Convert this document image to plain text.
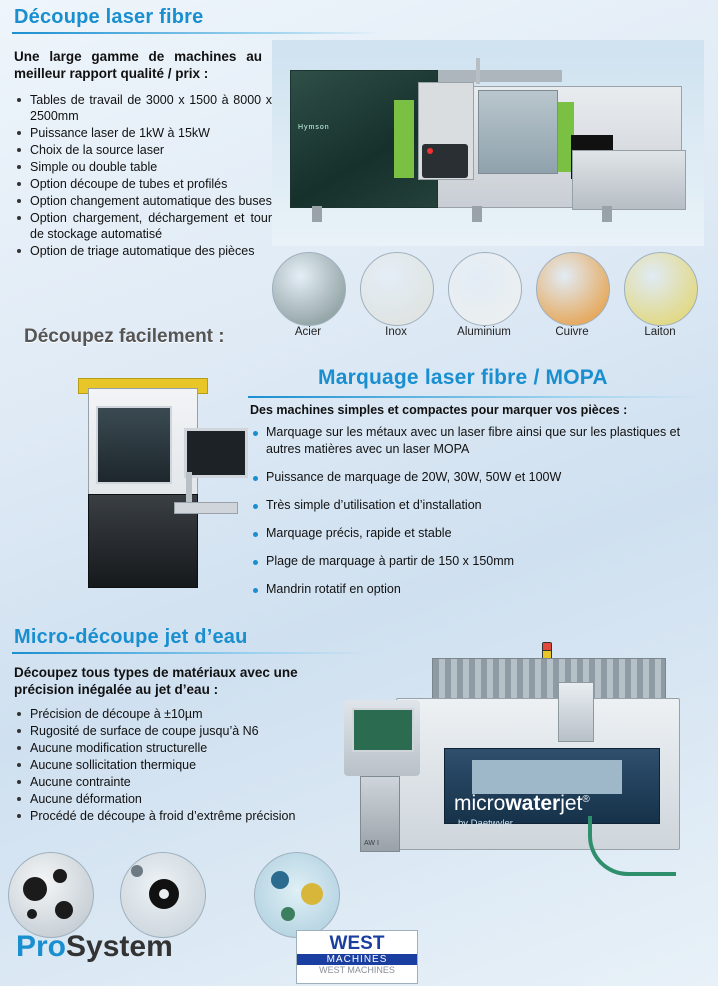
Découpe laser fibre
Une large gamme de machines au meilleur rapport qualité / prix :
Tables de travail de 3000 x 1500 à 8000 x 2500mm
Puissance laser de 1kW à 15kW
Choix de la source laser
Simple ou double table
Option découpe de tubes et profilés
Option changement automatique des buses
Option chargement, déchargement et tour de stockage automatisé
Option de triage automatique des pièces
Hymson
Acier	Inox	Aluminium	Cuivre	Laiton
Découpez facilement :
Marquage laser fibre / MOPA
Des machines simples et compactes pour marquer vos pièces :
Marquage sur les métaux avec un laser fibre ainsi que sur les plastiques et autres matières avec un laser MOPA
Puissance de marquage de 20W, 30W, 50W et 100W
Très simple d’utilisation et d’installation
Marquage précis, rapide et stable
Plage de marquage à partir de 150 x 150mm
Mandrin rotatif en option
Micro-découpe jet d’eau
Découpez tous types de matériaux avec une précision inégalée au jet d’eau :
Précision de découpe à ±10µm
Rugosité de surface de coupe jusqu’à N6
Aucune modification structurelle
Aucune sollicitation thermique
Aucune contrainte
Aucune déformation
Procédé de découpe à froid d’extrême précision
AW I
microwaterjet®
by Daetwyler
ProSystem	WEST
MACHINES
WEST MACHINES
